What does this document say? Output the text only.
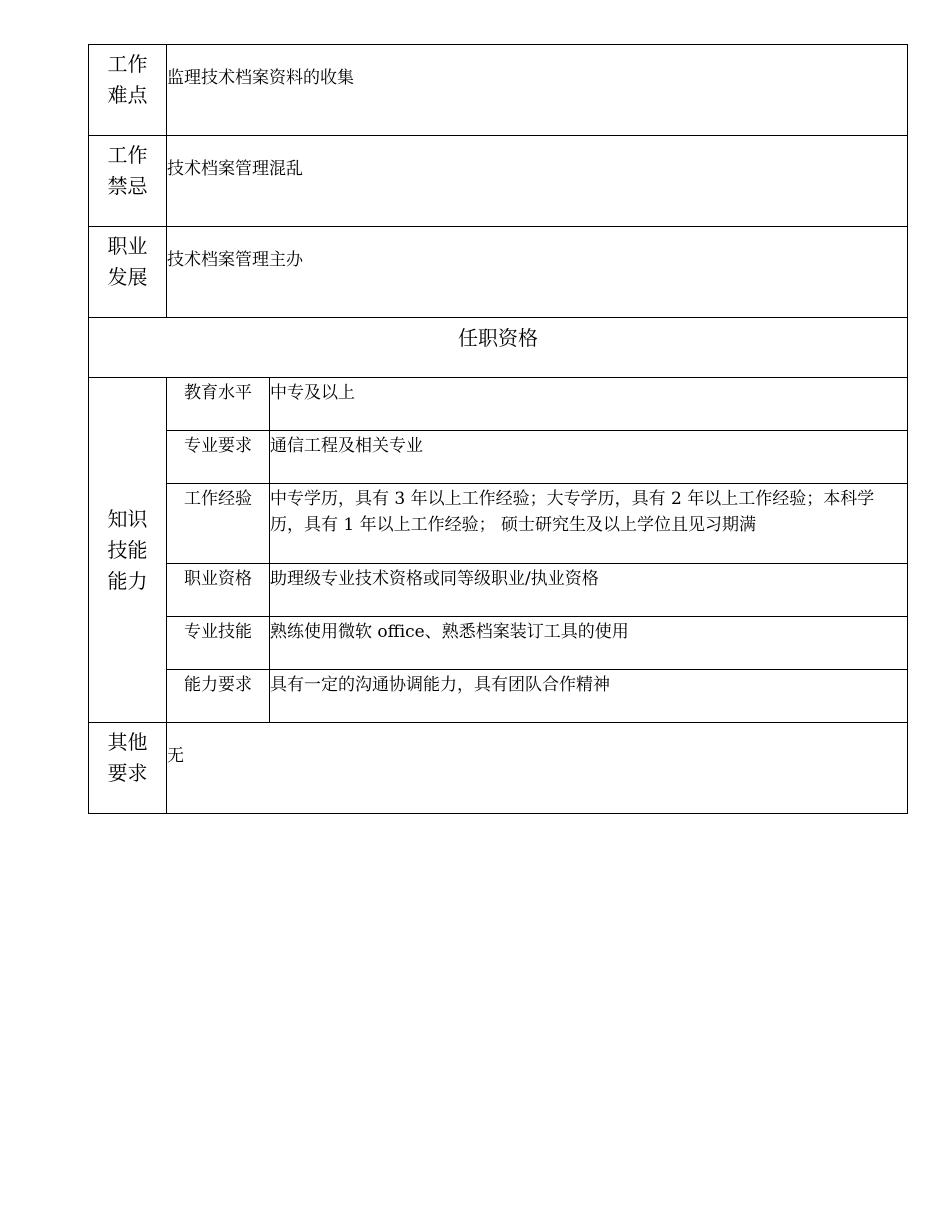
工作
难点	监理技术档案资料的收集	

工作
禁忌	技术档案管理混乱	

职业
发展	技术档案管理主办	

任职资格		

知识
技能
能力	教育水平	中专及以上
	专业要求	通信工程及相关专业
	工作经验	中专学历，具有 3 年以上工作经验；大专学历，具有 2 年以上工作经验；本科学历，具有 1 年以上工作经验； 硕士研究生及以上学位且见习期满
	职业资格	助理级专业技术资格或同等级职业/执业资格
	专业技能	熟练使用微软 office、熟悉档案装订工具的使用
	能力要求	具有一定的沟通协调能力，具有团队合作精神

其他
要求	无	
